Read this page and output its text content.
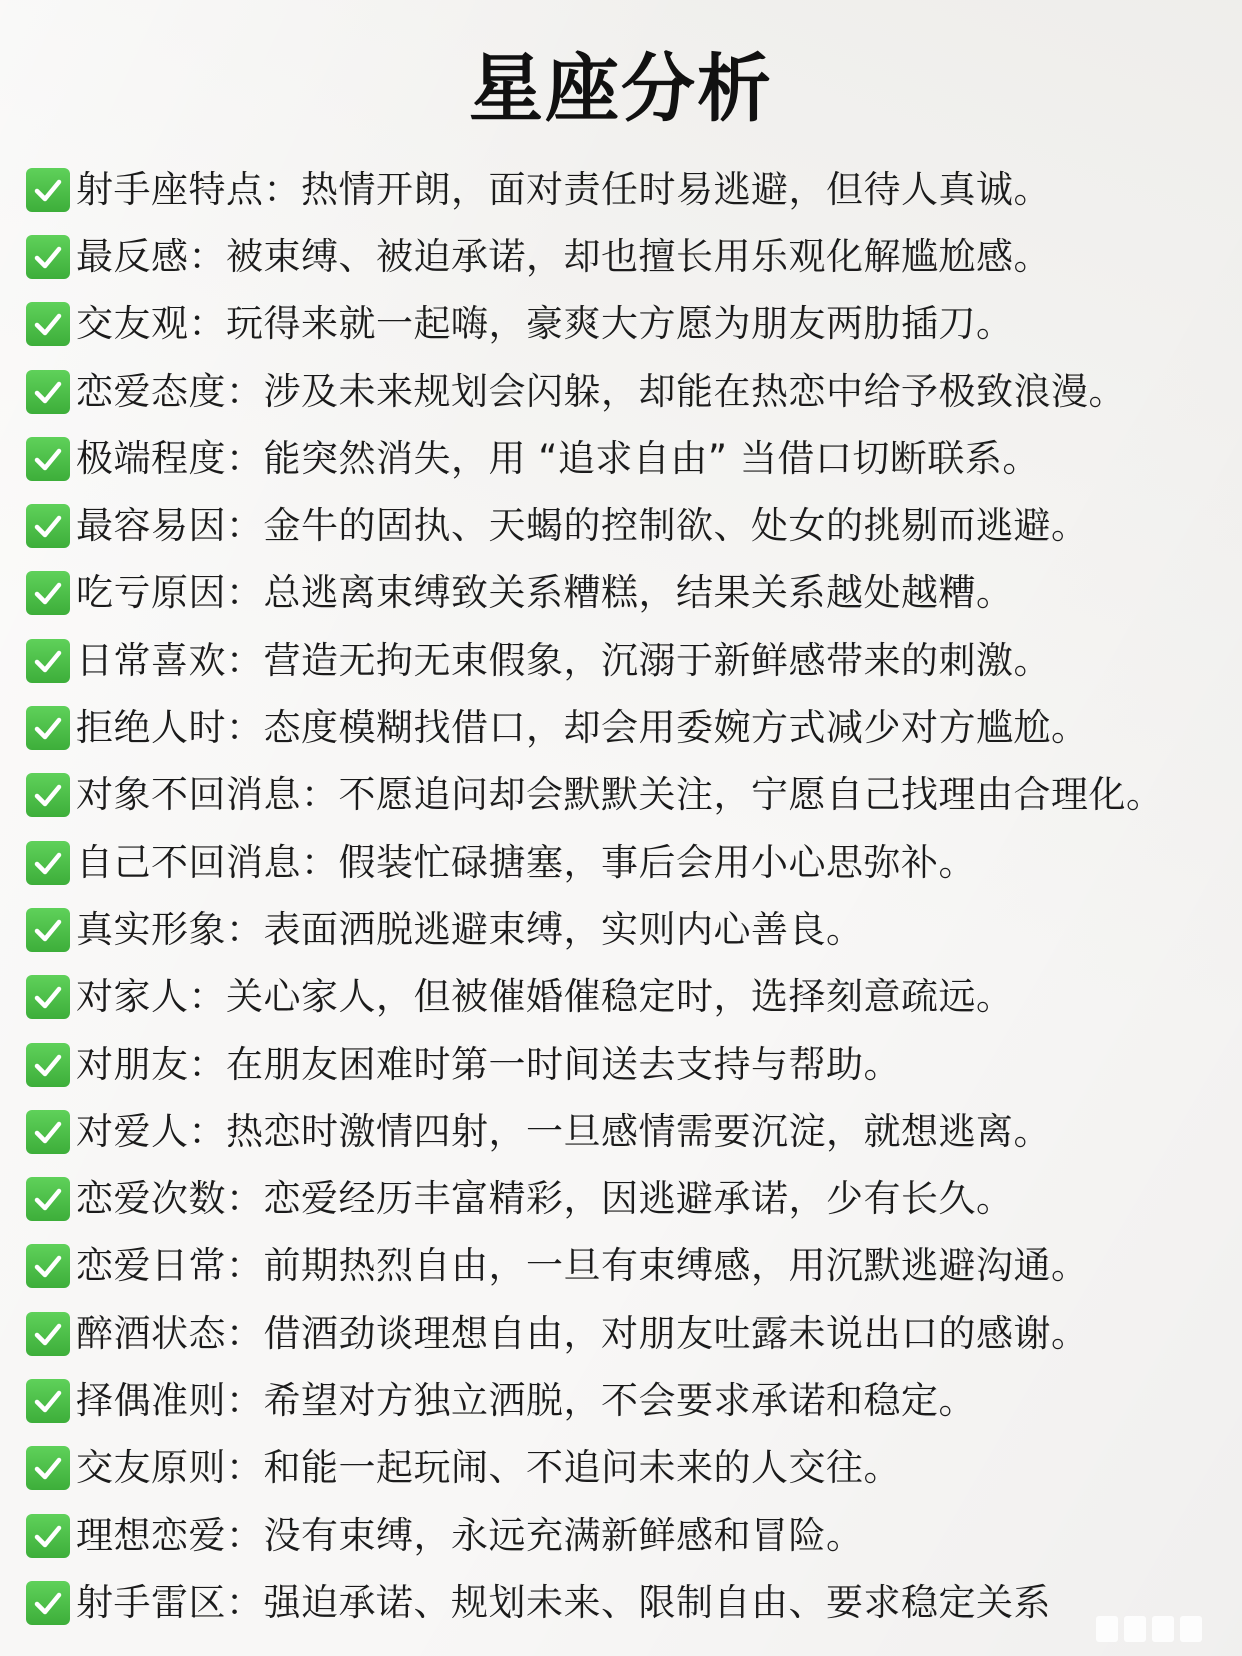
星座分析
射手座特点：热情开朗，面对责任时易逃避，但待人真诚。
最反感：被束缚、被迫承诺，却也擅长用乐观化解尴尬感。
交友观：玩得来就一起嗨，豪爽大方愿为朋友两肋插刀。
恋爱态度：涉及未来规划会闪躲，却能在热恋中给予极致浪漫。
极端程度：能突然消失，用 “追求自由” 当借口切断联系。
最容易因：金牛的固执、天蝎的控制欲、处女的挑剔而逃避。
吃亏原因：总逃离束缚致关系糟糕，结果关系越处越糟。
日常喜欢：营造无拘无束假象，沉溺于新鲜感带来的刺激。
拒绝人时：态度模糊找借口，却会用委婉方式减少对方尴尬。
对象不回消息：不愿追问却会默默关注，宁愿自己找理由合理化。
自己不回消息：假装忙碌搪塞，事后会用小心思弥补。
真实形象：表面洒脱逃避束缚，实则内心善良。
对家人：关心家人，但被催婚催稳定时，选择刻意疏远。
对朋友：在朋友困难时第一时间送去支持与帮助。
对爱人：热恋时激情四射，一旦感情需要沉淀，就想逃离。
恋爱次数：恋爱经历丰富精彩，因逃避承诺，少有长久。
恋爱日常：前期热烈自由，一旦有束缚感，用沉默逃避沟通。
醉酒状态：借酒劲谈理想自由，对朋友吐露未说出口的感谢。
择偶准则：希望对方独立洒脱，不会要求承诺和稳定。
交友原则：和能一起玩闹、不追问未来的人交往。
理想恋爱：没有束缚，永远充满新鲜感和冒险。
射手雷区：强迫承诺、规划未来、限制自由、要求稳定关系
